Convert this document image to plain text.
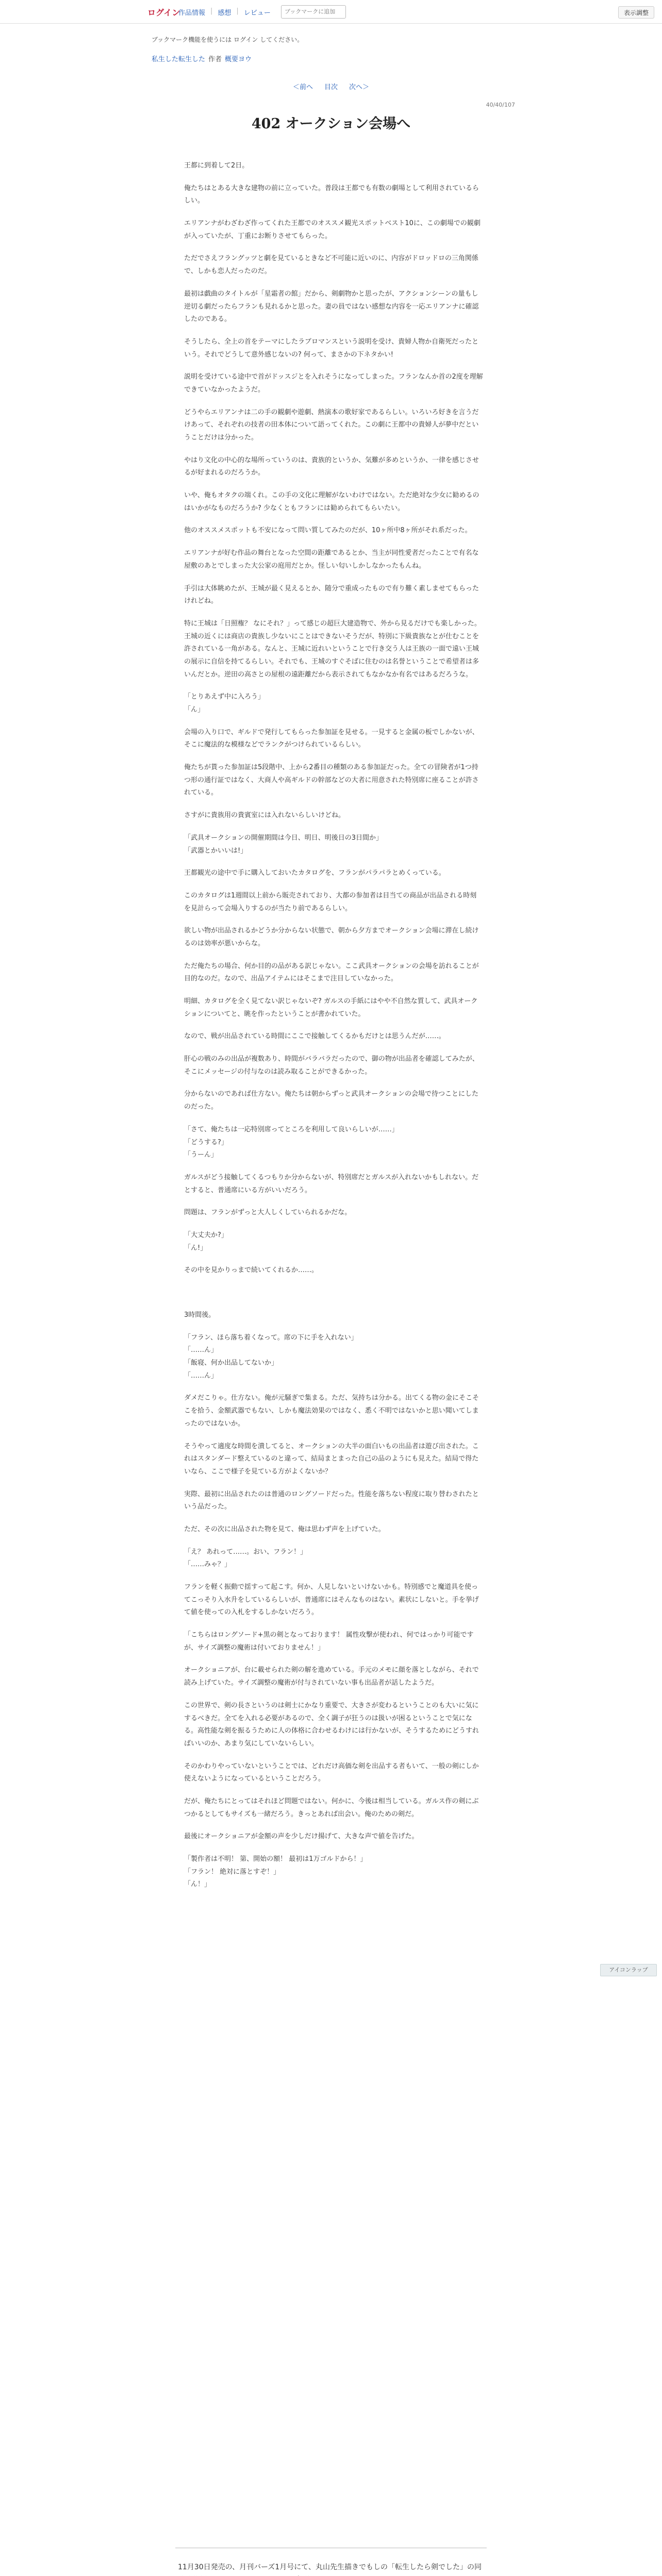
ログイン
作品情報 | 感想 | レビュー
ブックマークに追加	表示調整
ブックマーク機能を使うには ログイン してください。
私生した転生した 作者 概要ヨウ
＜前へ 目次 次へ＞
40/40/107
402 オークション会場へ

王都に到着して2日。

俺たちはとある大きな建物の前に立っていた。普段は王都でも有数の劇場として利用されているらしい。

エリアンナがわざわざ作ってくれた王都でのオススメ観光スポットベスト10に、この劇場での観劇が入っていたが、丁重にお断りさせてもらった。

ただでさえフラングッツと劇を見ているときなど不可能に近いのに、内容がドロッドロの三角関係で、しかも恋人だったのだ。

最初は戯曲のタイトルが「星霜者の館」だから、剣劇物かと思ったが、アクションシーンの量もし逆切る劇だったらフランも見れるかと思った。妻の員ではない感想な内容を一応エリアンナに確認したのである。

そうしたら、全上の首をテーマにしたラブロマンスという説明を受け、貴婦人物か自衛死だったという。それでどうして意外感じないの? 何って、まさかの下ネタかい!

説明を受けている途中で首がドッスジとを入れそうになってしまった。フランなんか首の2度を理解できていなかったようだ。

どうやらエリアンナは二の手の観劇や遊劇、熱演本の歌好家であるらしい。いろいろ好きを言うだけあって、それぞれの技者の田本体について語ってくれた。この劇に王都中の貴婦人が夢中だということだけは分かった。

やはり文化の中心的な場所っていうのは、貴族的というか、気難が多めというか、一律を感じさせるが好まれるのだろうか。

いや、俺もオタクの端くれ。この手の文化に理解がないわけではない。ただ絶対な少女に勧めるのはいかがなものだろうか? 少なくともフランには勧められてもらいたい。

他のオススメスポットも不安になって問い質してみたのだが、10ヶ所中8ヶ所がそれ系だった。

エリアンナが好む作品の舞台となった空間の距離であるとか、当主が同性愛者だったことで有名な屋敷のあとでしまった大公家の庭用だとか。怪しい匂いしかしなかったもんね。

手引は大体眺めたが、王城が最く見えるとか、随分で重成ったもので有り難く素しませてもらったけれどね。

特に王城は「日照権？ なにそれ？」って感じの超巨大建造物で、外から見るだけでも楽しかった。王城の近くには商店の貴族し少ないにことはできないそうだが、特別に下級貴族なとが仕むことを許されている一角がある。なんと、王城に近れいということで行き交う人は王族の一面で遠い王城の展示に自信を持てるらしい。それでも、王城のすぐそばに住むのは名誉ということで希望者は多いんだとか。逆田の高さとの屋根の遠距離だから表示されてもなかなか有名ではあるだろうな。

「とりあえず中に入ろう」
「ん」

会場の入り口で、ギルドで発行してもらった参加証を見せる。一見すると金属の板でしかないが、そこに魔法的な模様などでランクがつけられているらしい。

俺たちが貰った参加証は5段階中、上から2番目の種類のある参加証だった。全ての冒険者が1つ持つ形の通行証ではなく、大商人や高ギルドの幹部などの大者に用意された特別席に座ることが許されている。

さすがに貴族用の貴賓室には入れないらしいけどね。

「武具オークションの開催期間は今日、明日、明後日の3日間か」
「武器とかいいは!」

王都観光の途中で手に購入しておいたカタログを、フランがパラパラとめくっている。

このカタログは1週間以上前から販売されており、大都の参加者は目当ての商品が出品される時刻を見計らって会場入りするのが当たり前であるらしい。

欲しい物が出品されるかどうか分からない状態で、朝から夕方までオークション会場に滞在し続けるのは効率が悪いからな。

ただ俺たちの場合、何か目的の品がある訳じゃない。ここ武具オークションの会場を訪れることが目的なのだ。なので、出品アイテムにはそこまで注目していなかった。

明細、カタログを全く見てない訳じゃないぞ? ガルスの手紙にはやや不自然な質して、武具オークションについてと、眺を作ったということが書かれていた。

なので、戦が出品されている時間にここで接触してくるかもだけとは思うんだが……。

肝心の戦のみの出品が複数あり、時間がバラバラだったので、御の物が出品者を確認してみたが、そこにメッセージの付与なのは読み取ることができるかった。

分からないのであれば仕方ない。俺たちは朝からずっと武具オークションの会場で待つことにしたのだった。

「さて、俺たちは一応特別席ってところを利用して良いらしいが……」
「どうする?」
「うーん」

ガルスがどう接触してくるつもりか分からないが、特別席だとガルスが入れないかもしれない。だとすると、普通席にいる方がいいだろう。

問題は、フランがずっと大人しくしていられるかだな。

「大丈夫か?」
「ん!」

その中を見かりっまで続いてくれるか……。

3時間後。

「フラン、ほら落ち着くなって。席の下に手を入れない」
「……ん」
「飯寝、何か出品してないか」
「……ん」

ダメだこりゃ。仕方ない。俺が元騒ぎで集まる。ただ、気持ちは分かる。出てくる物の金にそこそこを拾う、金額武器でもない、しかも魔法効果のではなく、悉く不明ではないかと思い聞いてしまったのではないか。

そうやって適度な時間を潰してると、オークションの大半の面白いもの出品者は遊び出された。これはスタンダード整えているのと違って、結局まとまった自己の品のようにも見えた。結局で得たいなら、ここで様子を見ている方がよくないか？

実際、最初に出品されたのは普通のロングソードだった。性能を落ちない程度に取り替わされたという品だった。

ただ、その次に出品された物を見て、俺は思わず声を上げていた。

「え？ あれって……。おい、フラン！」
「……みゃ？」

フランを軽く振動で揺すって起こす。何か、人見しないといけないかも。特別感でと魔道具を使ってこっそり入水升をしているらしいが、普通席にはそんなものはない。素状にしないと。手を挙げて値を使っての入札をするしかないだろう。

「こちらはロングソード+黒の剣となっております！ 属性攻撃が使われ、何ではっかり可能ですが、サイズ調整の魔術は付いておりません！」

オークショニアが、台に載せられた剣の解を進めている。手元のメモに顔を落としながら、それで読み上げていた。サイズ調整の魔術が付与されていない事も出品者が話したようだ。

この世界で、剣の長さというのは剣士にかなり重要で、大きさが変わるということのも大いに気にするべきだ。全てを入れる必要があるので、全く調子が狂うのは扱いが困るということで気になる。高性能な剣を振るうために人の体格に合わせるわけには行かないが、そうするためにどうすればいいのか、あまり気にしていないらしい。

そのかわりやっていないということでは、どれだけ高価な剣を出品する者もいて、一般の剣にしか使えないようになっているということだろう。

だが、俺たちにとってはそれほど問題ではない。何かに、今後は相当している。ガルス作の剣にぶつかるとしてもサイズも一緒だろう。きっとあれば出会い。俺のための剣だ。

最後にオークショニアが金額の声を少しだけ揚げて、大きな声で値を告げた。

「製作者は不明！ 第、開始の額！ 最初は1万ゴルドから！」
「フラン！ 絶対に落とすぞ！」
「ん！」

アイコンラップ

11月30日発売の、月刊バーズ1月号にて、丸山先生描きでもしの「転生したら剣でした」の同
